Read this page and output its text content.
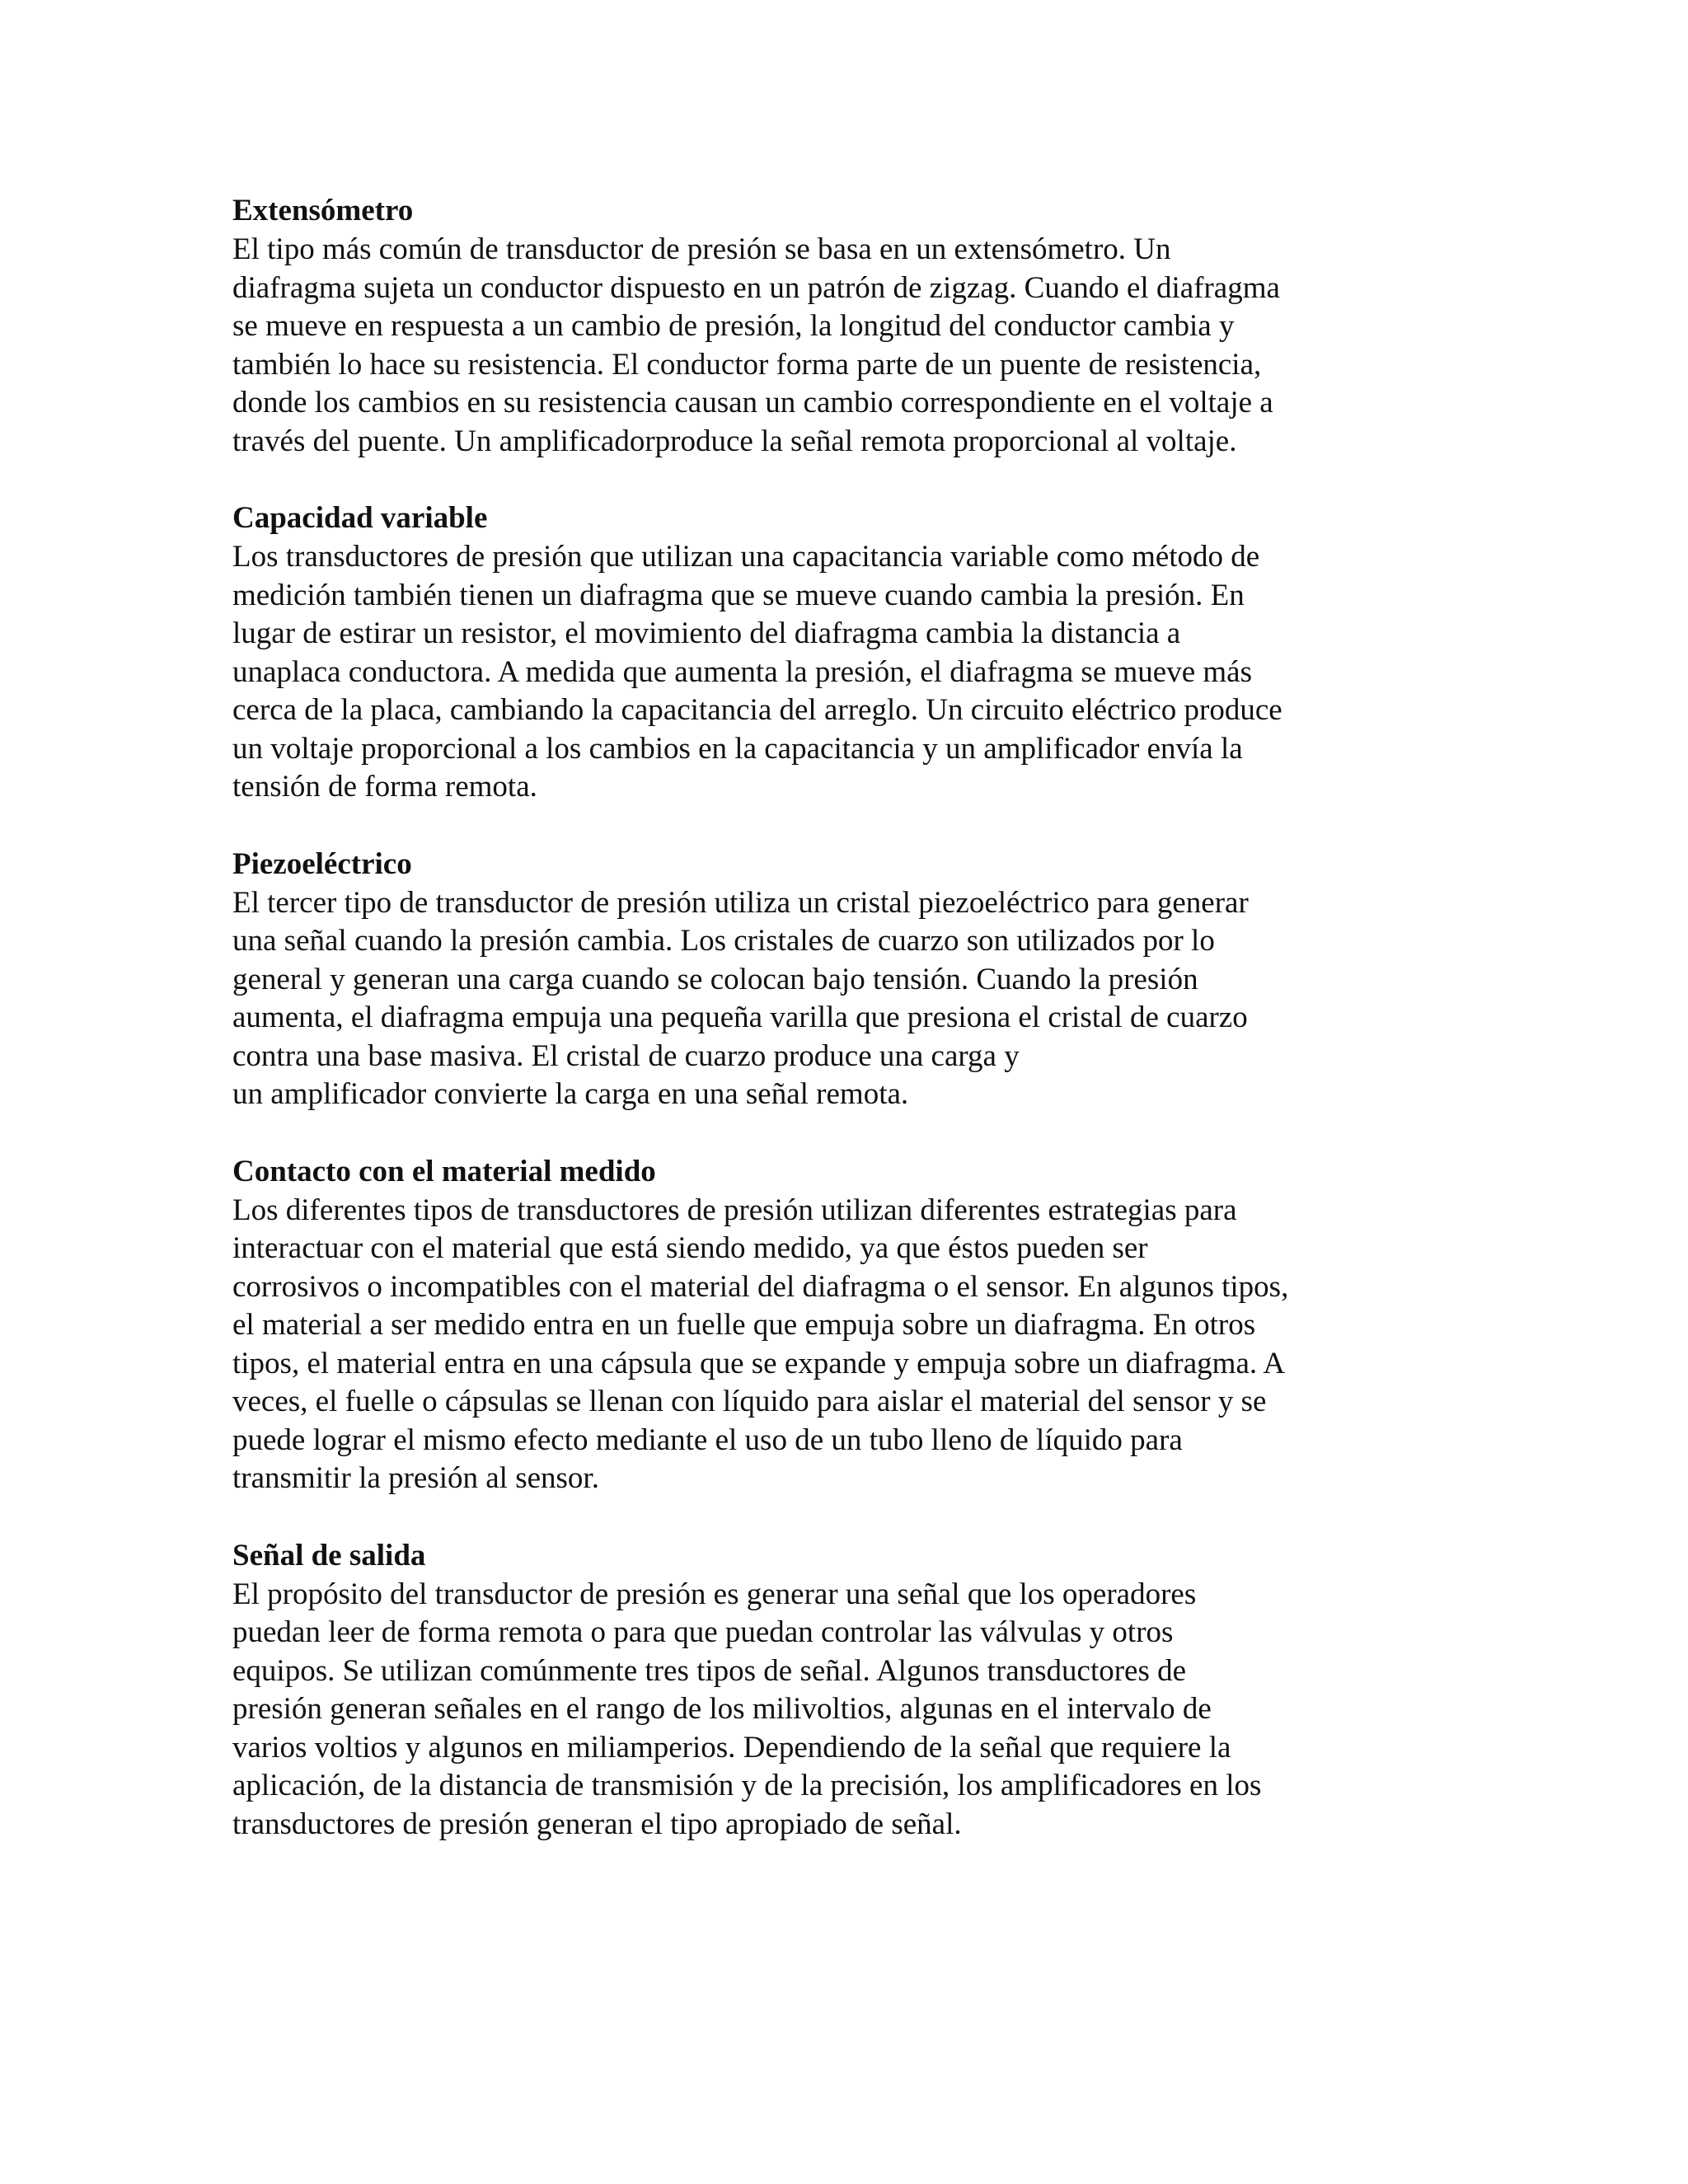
Extensómetro
El tipo más común de transductor de presión se basa en un extensómetro. Un
diafragma sujeta un conductor dispuesto en un patrón de zigzag. Cuando el diafragma
se mueve en respuesta a un cambio de presión, la longitud del conductor cambia y
también lo hace su resistencia. El conductor forma parte de un puente de resistencia,
donde los cambios en su resistencia causan un cambio correspondiente en el voltaje a
través del puente. Un amplificadorproduce la señal remota proporcional al voltaje.
Capacidad variable
Los transductores de presión que utilizan una capacitancia variable como método de
medición también tienen un diafragma que se mueve cuando cambia la presión. En
lugar de estirar un resistor, el movimiento del diafragma cambia la distancia a
unaplaca conductora. A medida que aumenta la presión, el diafragma se mueve más
cerca de la placa, cambiando la capacitancia del arreglo. Un circuito eléctrico produce
un voltaje proporcional a los cambios en la capacitancia y un amplificador envía la
tensión de forma remota.
Piezoeléctrico
El tercer tipo de transductor de presión utiliza un cristal piezoeléctrico para generar
una señal cuando la presión cambia. Los cristales de cuarzo son utilizados por lo
general y generan una carga cuando se colocan bajo tensión. Cuando la presión
aumenta, el diafragma empuja una pequeña varilla que presiona el cristal de cuarzo
contra una base masiva. El cristal de cuarzo produce una carga y
un amplificador convierte la carga en una señal remota.
Contacto con el material medido
Los diferentes tipos de transductores de presión utilizan diferentes estrategias para
interactuar con el material que está siendo medido, ya que éstos pueden ser
corrosivos o incompatibles con el material del diafragma o el sensor. En algunos tipos,
el material a ser medido entra en un fuelle que empuja sobre un diafragma. En otros
tipos, el material entra en una cápsula que se expande y empuja sobre un diafragma. A
veces, el fuelle o cápsulas se llenan con líquido para aislar el material del sensor y se
puede lograr el mismo efecto mediante el uso de un tubo lleno de líquido para
transmitir la presión al sensor.
Señal de salida
El propósito del transductor de presión es generar una señal que los operadores
puedan leer de forma remota o para que puedan controlar las válvulas y otros
equipos. Se utilizan comúnmente tres tipos de señal. Algunos transductores de
presión generan señales en el rango de los milivoltios, algunas en el intervalo de
varios voltios y algunos en miliamperios. Dependiendo de la señal que requiere la
aplicación, de la distancia de transmisión y de la precisión, los amplificadores en los
transductores de presión generan el tipo apropiado de señal.
